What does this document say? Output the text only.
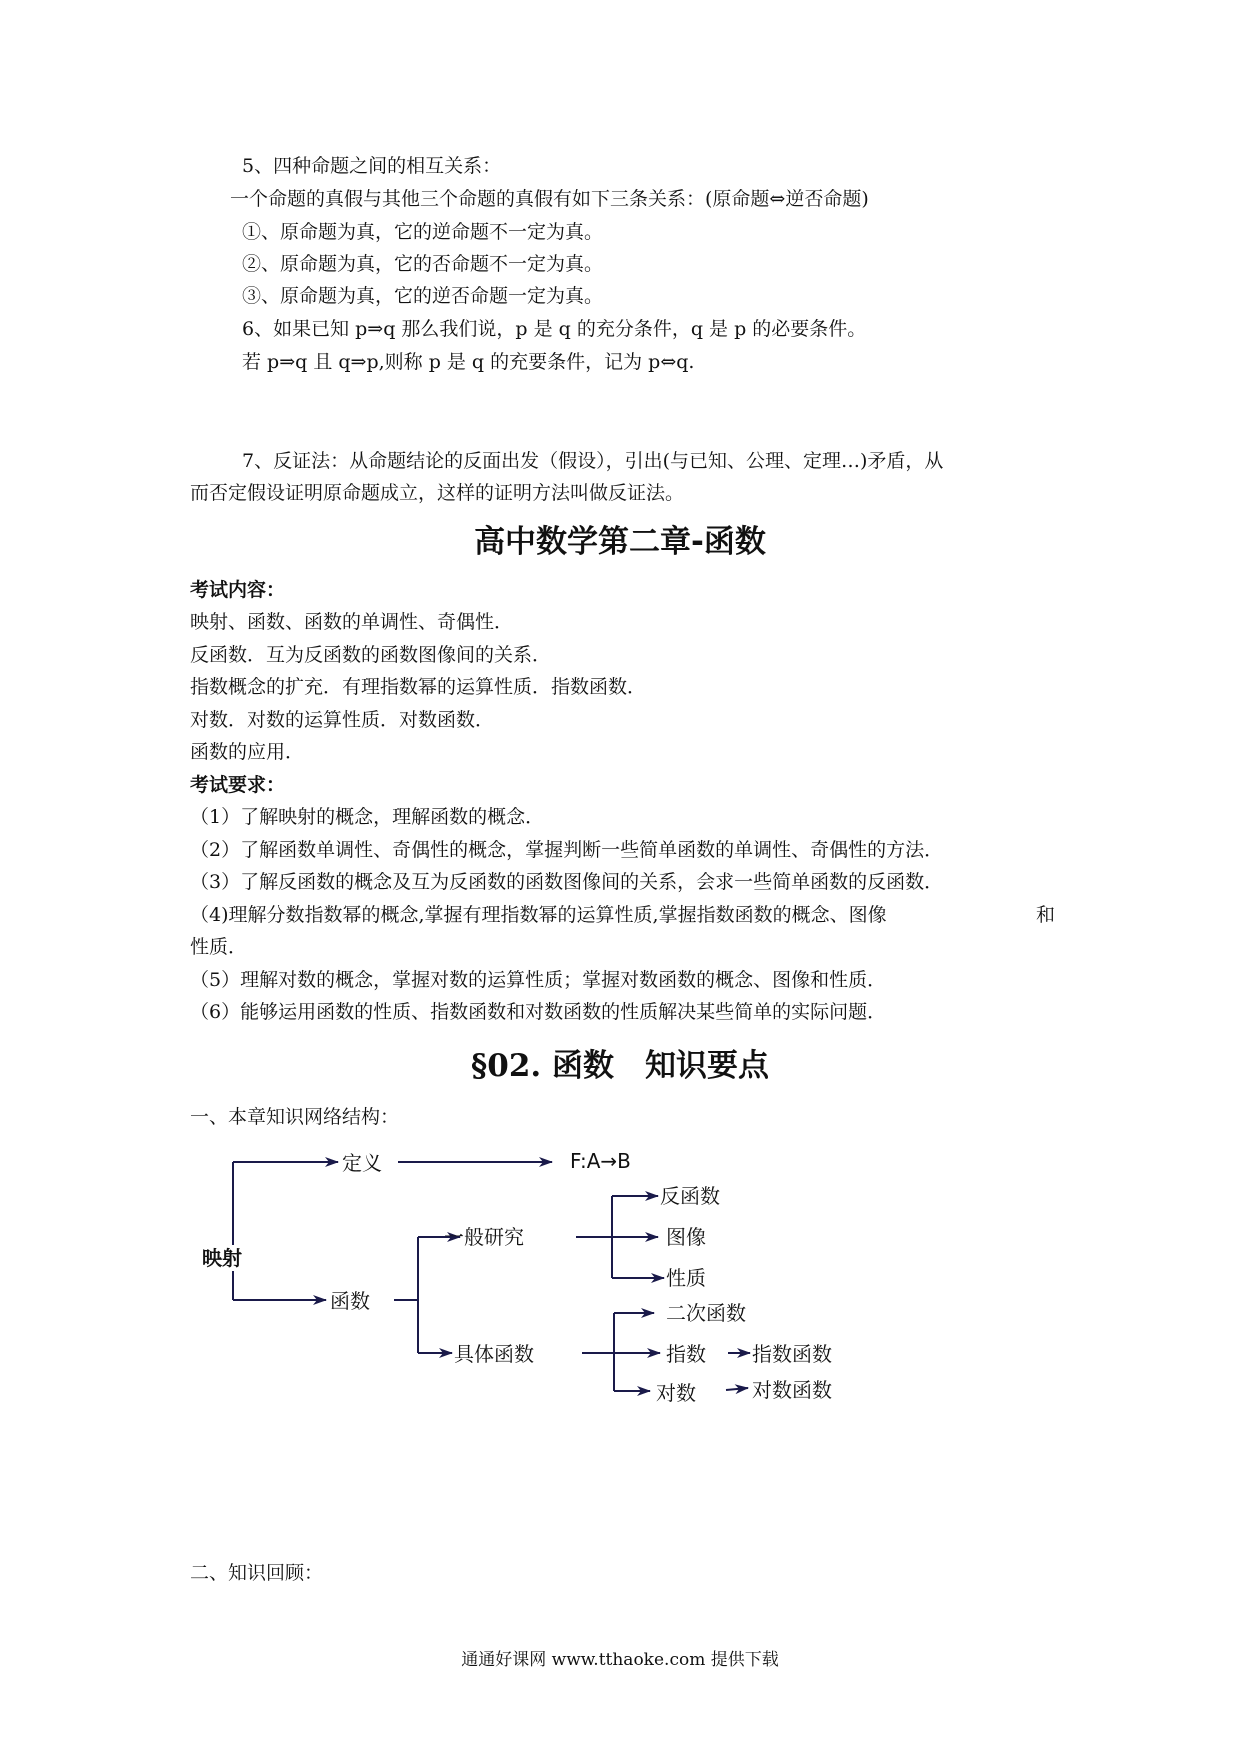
5、四种命题之间的相互关系：
一个命题的真假与其他三个命题的真假有如下三条关系：(原命题⇔逆否命题)
①、原命题为真，它的逆命题不一定为真。
②、原命题为真，它的否命题不一定为真。
③、原命题为真，它的逆否命题一定为真。
6、如果已知 p⇒q 那么我们说，p 是 q 的充分条件，q 是 p 的必要条件。
若 p⇒q 且 q⇒p,则称 p 是 q 的充要条件，记为 p⇔q.
7、反证法：从命题结论的反面出发（假设），引出(与已知、公理、定理…)矛盾，从
而否定假设证明原命题成立，这样的证明方法叫做反证法。
高中数学第二章-函数
考试内容：
映射、函数、函数的单调性、奇偶性．
反函数．互为反函数的函数图像间的关系．
指数概念的扩充．有理指数幂的运算性质．指数函数．
对数．对数的运算性质．对数函数．
函数的应用．
考试要求：
（1）了解映射的概念，理解函数的概念．
（2）了解函数单调性、奇偶性的概念，掌握判断一些简单函数的单调性、奇偶性的方法．
（3）了解反函数的概念及互为反函数的函数图像间的关系，会求一些简单函数的反函数．
（4)理解分数指数幂的概念,掌握有理指数幂的运算性质,掌握指数函数的概念、图像	和
性质．
（5）理解对数的概念，掌握对数的运算性质；掌握对数函数的概念、图像和性质．
（6）能够运用函数的性质、指数函数和对数函数的性质解决某些简单的实际问题．
§02. 函数　知识要点
一、本章知识网络结构：
映射
定义	F:A→B
函数
一般研究
反函数
图像
性质
具体函数
二次函数
指数 指数函数
对数	对数函数
二、知识回顾：
通通好课网 www.tthaoke.com 提供下载
